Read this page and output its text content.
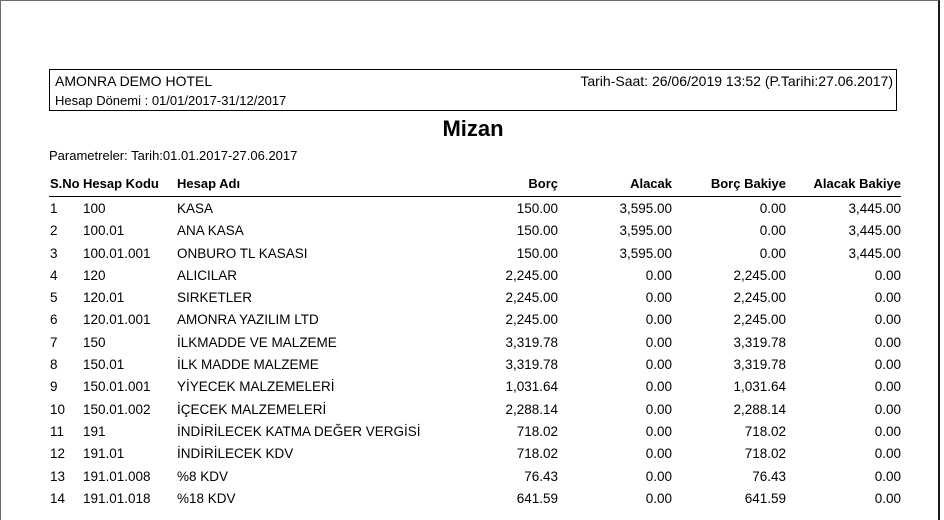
AMONRA DEMO HOTEL
Hesap Dönemi : 01/01/2017-31/12/2017
Tarih-Saat: 26/06/2019 13:52 (P.Tarihi:27.06.2017)
Mizan
Parametreler: Tarih:01.01.2017-27.06.2017
S.No Hesap Kodu Hesap Adı	Borç	Alacak	Borç Bakiye Alacak Bakiye
1 100	KASA	150.00	3,595.00	0.00	3,445.00
2 100.01	ANA KASA	150.00	3,595.00	0.00	3,445.00
3 100.01.001 ONBURO TL KASASI	150.00	3,595.00	0.00	3,445.00
4 120	ALICILAR	2,245.00	0.00	2,245.00	0.00
5 120.01	SIRKETLER	2,245.00	0.00	2,245.00	0.00
6 120.01.001 AMONRA YAZILIM LTD	2,245.00	0.00	2,245.00	0.00
7 150	İLKMADDE VE MALZEME	3,319.78	0.00	3,319.78	0.00
8 150.01	İLK MADDE MALZEME	3,319.78	0.00	3,319.78	0.00
9 150.01.001 YİYECEK MALZEMELERİ	1,031.64	0.00	1,031.64	0.00
10 150.01.002 İÇECEK MALZEMELERİ	2,288.14	0.00	2,288.14	0.00
11 191	İNDİRİLECEK KATMA DEĞER VERGİSİ	718.02	0.00	718.02	0.00
12 191.01	İNDİRİLECEK KDV	718.02	0.00	718.02	0.00
13 191.01.008 %8 KDV	76.43	0.00	76.43	0.00
14 191.01.018 %18 KDV	641.59	0.00	641.59	0.00
